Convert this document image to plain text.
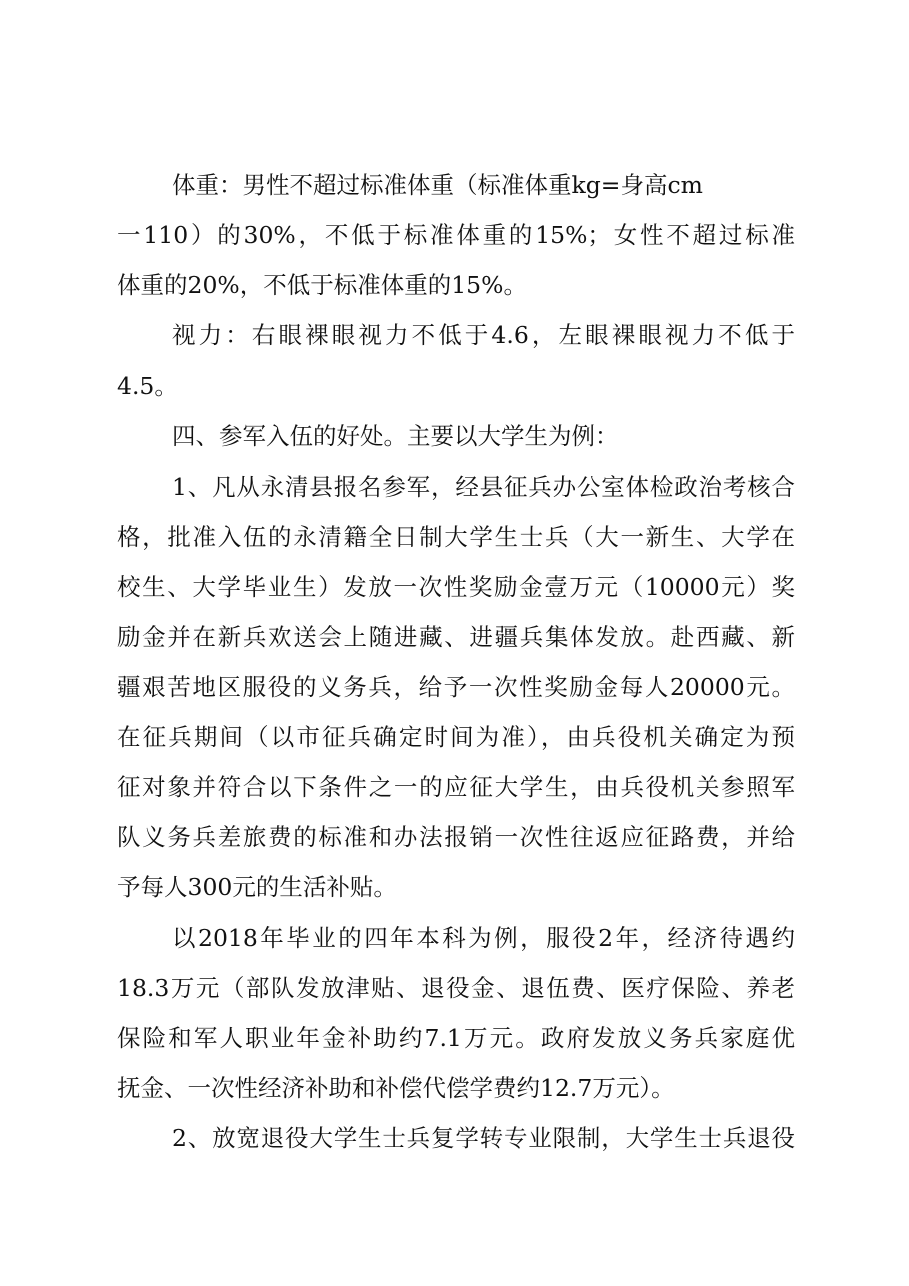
体重：男性不超过标准体重（标准体重kg=身高cm
一110）的30%，不低于标准体重的15%；女性不超过标准
体重的20%，不低于标准体重的15%。
视力：右眼裸眼视力不低于4.6，左眼裸眼视力不低于
4.5。
四、参军入伍的好处。主要以大学生为例：
1、凡从永清县报名参军，经县征兵办公室体检政治考核合
格，批准入伍的永清籍全日制大学生士兵（大一新生、大学在
校生、大学毕业生）发放一次性奖励金壹万元（10000元）奖
励金并在新兵欢送会上随进藏、进疆兵集体发放。赴西藏、新
疆艰苦地区服役的义务兵，给予一次性奖励金每人20000元。
在征兵期间（以市征兵确定时间为准），由兵役机关确定为预
征对象并符合以下条件之一的应征大学生，由兵役机关参照军
队义务兵差旅费的标准和办法报销一次性往返应征路费，并给
予每人300元的生活补贴。
以2018年毕业的四年本科为例，服役2年，经济待遇约
18.3万元（部队发放津贴、退役金、退伍费、医疗保险、养老
保险和军人职业年金补助约7.1万元。政府发放义务兵家庭优
抚金、一次性经济补助和补偿代偿学费约12.7万元）。
2、放宽退役大学生士兵复学转专业限制，大学生士兵退役
